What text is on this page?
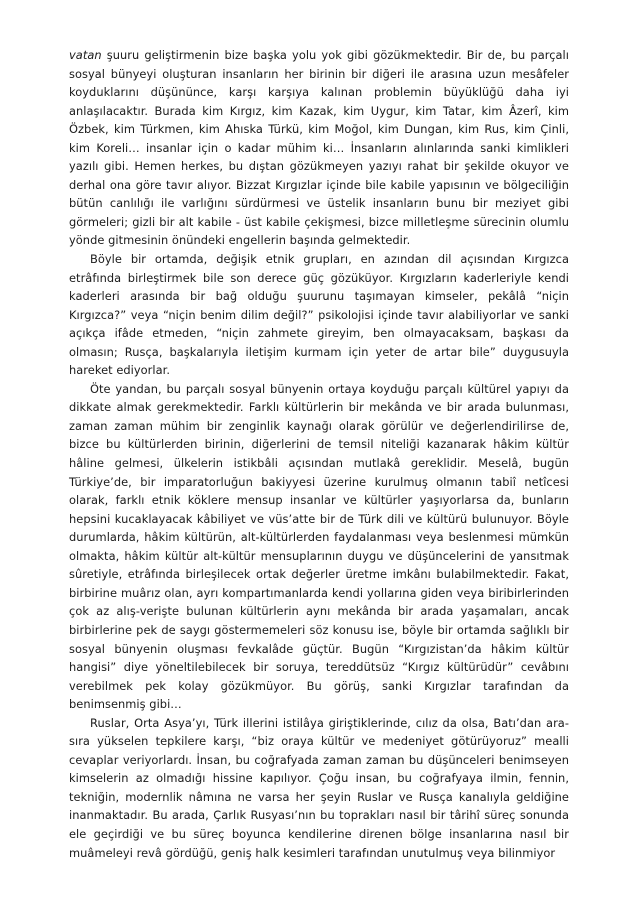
vatan şuuru geliştirmenin bize başka yolu yok gibi gözükmektedir. Bir de, bu parçalı sosyal bünyeyi oluşturan insanların her birinin bir diğeri ile arasına uzun mesâfeler koyduklarını düşününce, karşı karşıya kalınan problemin büyüklüğü daha iyi anlaşılacaktır. Burada kim Kırgız, kim Kazak, kim Uygur, kim Tatar, kim Âzerî, kim Özbek, kim Türkmen, kim Ahıska Türkü, kim Moğol, kim Dungan, kim Rus, kim Çinli, kim Koreli… insanlar için o kadar mühim ki… İnsanların alınlarında sanki kimlikleri yazılı gibi. Hemen herkes, bu dıştan gözükmeyen yazıyı rahat bir şekilde okuyor ve derhal ona göre tavır alıyor. Bizzat Kırgızlar içinde bile kabile yapısının ve bölgeciliğin bütün canlılığı ile varlığını sürdürmesi ve üstelik insanların bunu bir meziyet gibi görmeleri; gizli bir alt kabile - üst kabile çekişmesi, bizce milletleşme sürecinin olumlu yönde gitmesinin önündeki engellerin başında gelmektedir.

Böyle bir ortamda, değişik etnik grupları, en azından dil açısından Kırgızca etrâfında birleştirmek bile son derece güç gözüküyor. Kırgızların kaderleriyle kendi kaderleri arasında bir bağ olduğu şuurunu taşımayan kimseler, pekâlâ “niçin Kırgızca?” veya “niçin benim dilim değil?” psikolojisi içinde tavır alabiliyorlar ve sanki açıkça ifâde etmeden, “niçin zahmete gireyim, ben olmayacaksam, başkası da olmasın; Rusça, başkalarıyla iletişim kurmam için yeter de artar bile” duygusuyla hareket ediyorlar.

Öte yandan, bu parçalı sosyal bünyenin ortaya koyduğu parçalı kültürel yapıyı da dikkate almak gerekmektedir. Farklı kültürlerin bir mekânda ve bir arada bulunması, zaman zaman mühim bir zenginlik kaynağı olarak görülür ve değerlendirilirse de, bizce bu kültürlerden birinin, diğerlerini de temsil niteliği kazanarak hâkim kültür hâline gelmesi, ülkelerin istikbâli açısından mutlakâ gereklidir. Meselâ, bugün Türkiye’de, bir imparatorluğun bakiyyesi üzerine kurulmuş olmanın tabiî netîcesi olarak, farklı etnik köklere mensup insanlar ve kültürler yaşıyorlarsa da, bunların hepsini kucaklayacak kâbiliyet ve vüs’atte bir de Türk dili ve kültürü bulunuyor. Böyle durumlarda, hâkim kültürün, alt-kültürlerden faydalanması veya beslenmesi mümkün olmakta, hâkim kültür alt-kültür mensuplarının duygu ve düşüncelerini de yansıtmak sûretiyle, etrâfında birleşilecek ortak değerler üretme imkânı bulabilmektedir. Fakat, birbirine muârız olan, ayrı kompartımanlarda kendi yollarına giden veya biribirlerinden çok az alış-verişte bulunan kültürlerin aynı mekânda bir arada yaşamaları, ancak birbirlerine pek de saygı göstermemeleri söz konusu ise, böyle bir ortamda sağlıklı bir sosyal bünyenin oluşması fevkalâde güçtür. Bugün “Kırgızistan’da hâkim kültür hangisi” diye yöneltilebilecek bir soruya, tereddütsüz “Kırgız kültürüdür” cevâbını verebilmek pek kolay gözükmüyor. Bu görüş, sanki Kırgızlar tarafından da benimsenmiş gibi…

Ruslar, Orta Asya’yı, Türk illerini istilâya giriştiklerinde, cılız da olsa, Batı’dan ara-sıra yükselen tepkilere karşı, “biz oraya kültür ve medeniyet götürüyoruz” mealli cevaplar veriyorlardı. İnsan, bu coğrafyada zaman zaman bu düşünceleri benimseyen kimselerin az olmadığı hissine kapılıyor. Çoğu insan, bu coğrafyaya ilmin, fennin, tekniğin, modernlik nâmına ne varsa her şeyin Ruslar ve Rusça kanalıyla geldiğine inanmaktadır. Bu arada, Çarlık Rusyası’nın bu toprakları nasıl bir târihî süreç sonunda ele geçirdiği ve bu süreç boyunca kendilerine direnen bölge insanlarına nasıl bir muâmeleyi revâ gördüğü, geniş halk kesimleri tarafından unutulmuş veya bilinmiyor
